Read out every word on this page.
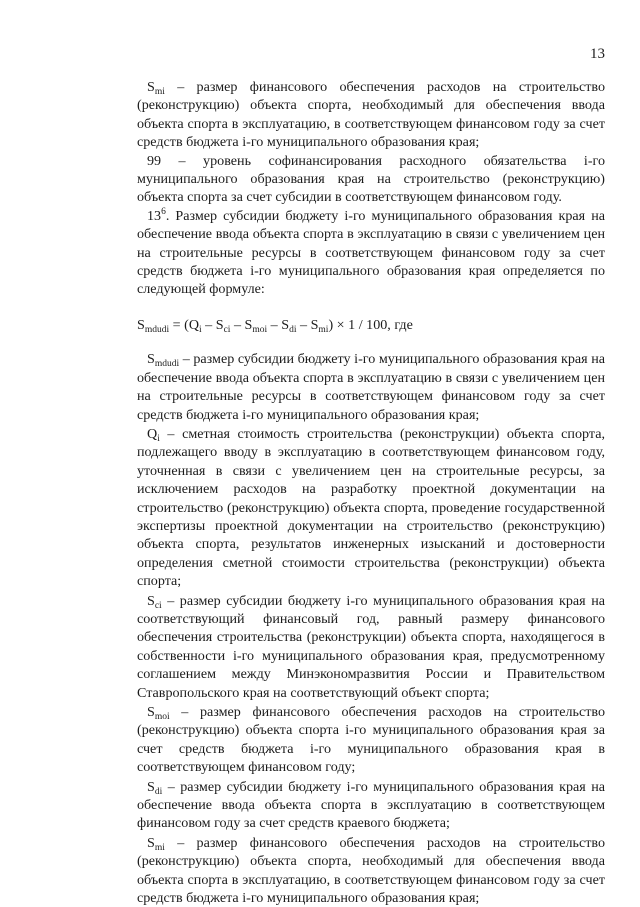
13

$S_{mi}$ – размер финансового обеспечения расходов на строительство (реконструкцию) объекта спорта, необходимый для обеспечения ввода объекта спорта в эксплуатацию, в соответствующем финансовом году за счет средств бюджета i-го муниципального образования края;

99 – уровень софинансирования расходного обязательства i-го муниципального образования края на строительство (реконструкцию) объекта спорта за счет субсидии в соответствующем финансовом году.

$13^6$. Размер субсидии бюджету i-го муниципального образования края на обеспечение ввода объекта спорта в эксплуатацию в связи с увеличением цен на строительные ресурсы в соответствующем финансовом году за счет средств бюджета i-го муниципального образования края определяется по следующей формуле:

$S_{mdudi} = (Q_i - S_{ci} - S_{moi} - S_{di} - S_{mi}) \times 1 / 100$, где

$S_{mdudi}$ – размер субсидии бюджету i-го муниципального образования края на обеспечение ввода объекта спорта в эксплуатацию в связи с увеличением цен на строительные ресурсы в соответствующем финансовом году за счет средств бюджета i-го муниципального образования края;

$Q_i$ – сметная стоимость строительства (реконструкции) объекта спорта, подлежащего вводу в эксплуатацию в соответствующем финансовом году, уточненная в связи с увеличением цен на строительные ресурсы, за исключением расходов на разработку проектной документации на строительство (реконструкцию) объекта спорта, проведение государственной экспертизы проектной документации на строительство (реконструкцию) объекта спорта, результатов инженерных изысканий и достоверности определения сметной стоимости строительства (реконструкции) объекта спорта;

$S_{ci}$ – размер субсидии бюджету i-го муниципального образования края на соответствующий финансовый год, равный размеру финансового обеспечения строительства (реконструкции) объекта спорта, находящегося в собственности i-го муниципального образования края, предусмотренному соглашением между Минэкономразвития России и Правительством Ставропольского края на соответствующий объект спорта;

$S_{moi}$ – размер финансового обеспечения расходов на строительство (реконструкцию) объекта спорта i-го муниципального образования края за счет средств бюджета i-го муниципального образования края в соответствующем финансовом году;

$S_{di}$ – размер субсидии бюджету i-го муниципального образования края на обеспечение ввода объекта спорта в эксплуатацию в соответствующем финансовом году за счет средств краевого бюджета;

$S_{mi}$ – размер финансового обеспечения расходов на строительство (реконструкцию) объекта спорта, необходимый для обеспечения ввода объекта спорта в эксплуатацию, в соответствующем финансовом году за счет средств бюджета i-го муниципального образования края;
